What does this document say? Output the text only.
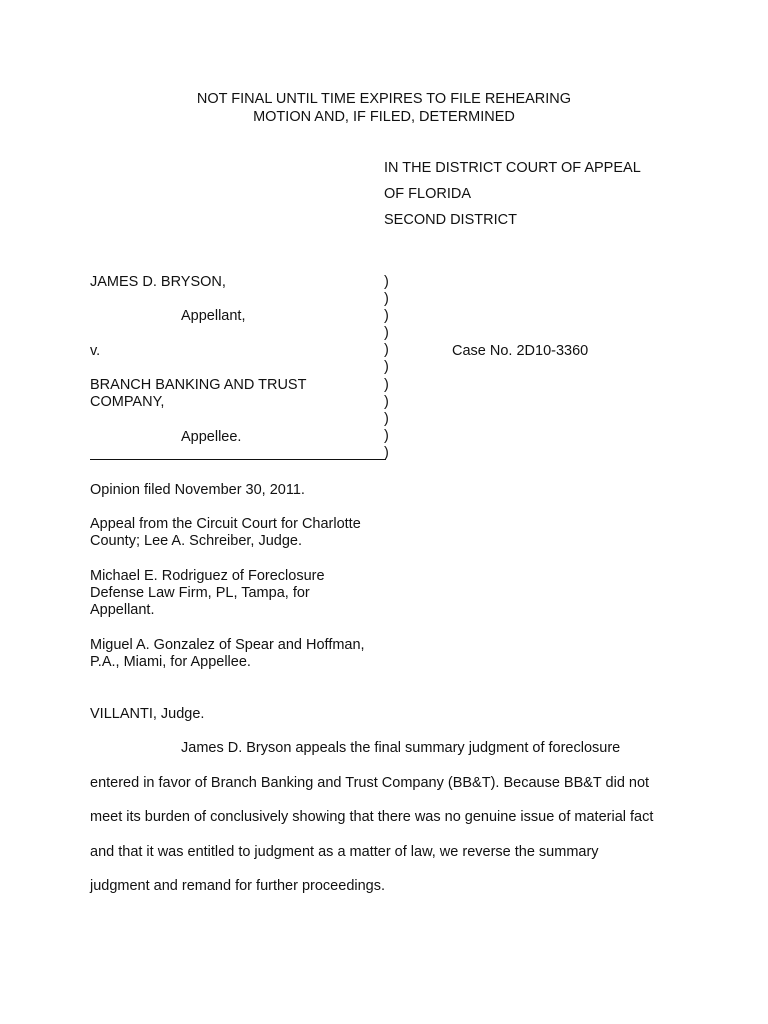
NOT FINAL UNTIL TIME EXPIRES TO FILE REHEARING
MOTION AND, IF FILED, DETERMINED
IN THE DISTRICT COURT OF APPEAL
OF FLORIDA
SECOND DISTRICT
JAMES D. BRYSON,
Appellant,
v.
BRANCH BANKING AND TRUST
COMPANY,
Appellee.
)
)
)
)
)
)
)
)
)
)
)
Case No. 2D10-3360
Opinion filed November 30, 2011.
Appeal from the Circuit Court for Charlotte
County; Lee A. Schreiber, Judge.
Michael E. Rodriguez of Foreclosure
Defense Law Firm, PL, Tampa, for
Appellant.
Miguel A. Gonzalez of Spear and Hoffman,
P.A., Miami, for Appellee.
VILLANTI, Judge.
James D. Bryson appeals the final summary judgment of foreclosure
entered in favor of Branch Banking and Trust Company (BB&T). Because BB&T did not
meet its burden of conclusively showing that there was no genuine issue of material fact
and that it was entitled to judgment as a matter of law, we reverse the summary
judgment and remand for further proceedings.
